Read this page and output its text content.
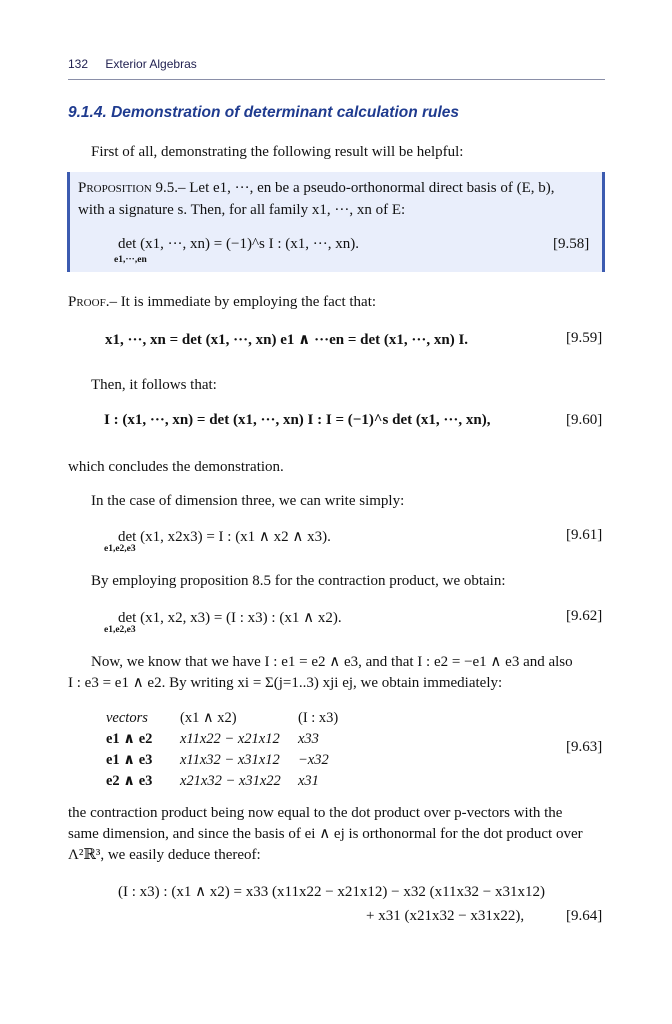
132 Exterior Algebras
9.1.4. Demonstration of determinant calculation rules
First of all, demonstrating the following result will be helpful:
Proposition 9.5.– Let e1, ···, en be a pseudo-orthonormal direct basis of (E, b),
with a signature s. Then, for all family x1, ···, xn of E:
det (x1, ···, xn) = (−1)^s I : (x1, ···, xn).
e1,···,en
[9.58]
Proof.– It is immediate by employing the fact that:
x1, ···, xn = det (x1, ···, xn) e1 ∧ ···en = det (x1, ···, xn) I.	[9.59]
Then, it follows that:
I : (x1, ···, xn) = det (x1, ···, xn) I : I = (−1)^s det (x1, ···, xn),	[9.60]
which concludes the demonstration.
In the case of dimension three, we can write simply:
det (x1, x2x3) = I : (x1 ∧ x2 ∧ x3).
e1,e2,e3
[9.61]
By employing proposition 8.5 for the contraction product, we obtain:
det (x1, x2, x3) = (I : x3) : (x1 ∧ x2).
e1,e2,e3
[9.62]
Now, we know that we have I : e1 = e2 ∧ e3, and that I : e2 = −e1 ∧ e3 and also
I : e3 = e1 ∧ e2. By writing xi = Σ(j=1..3) xji ej, we obtain immediately:
vectors	(x1 ∧ x2)	(I : x3)
e1 ∧ e2	x11x22 − x21x12	x33
e1 ∧ e3	x11x32 − x31x12	−x32
e2 ∧ e3	x21x32 − x31x22	x31
[9.63]
the contraction product being now equal to the dot product over p-vectors with the
same dimension, and since the basis of ei ∧ ej is orthonormal for the dot product over
Λ²ℝ³, we easily deduce thereof:
(I : x3) : (x1 ∧ x2) = x33 (x11x22 − x21x12) − x32 (x11x32 − x31x12)
+ x31 (x21x32 − x31x22),	[9.64]
